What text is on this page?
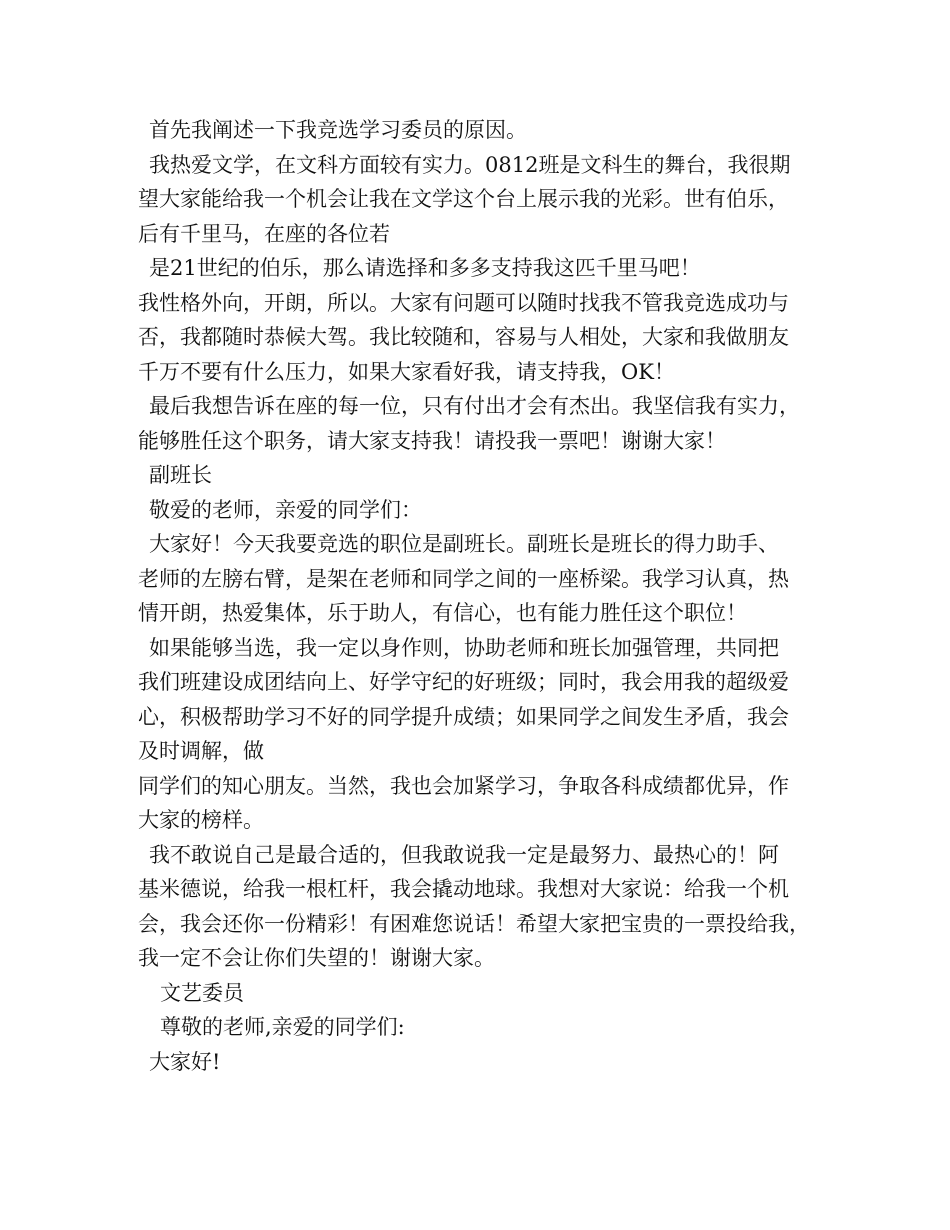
首先我阐述一下我竞选学习委员的原因。
我热爱文学，在文科方面较有实力。0812班是文科生的舞台，我很期
望大家能给我一个机会让我在文学这个台上展示我的光彩。世有伯乐，
后有千里马，在座的各位若
是21世纪的伯乐，那么请选择和多多支持我这匹千里马吧！
我性格外向，开朗，所以。大家有问题可以随时找我不管我竞选成功与
否，我都随时恭候大驾。我比较随和，容易与人相处，大家和我做朋友
千万不要有什么压力，如果大家看好我，请支持我，OK！
最后我想告诉在座的每一位，只有付出才会有杰出。我坚信我有实力，
能够胜任这个职务，请大家支持我！请投我一票吧！谢谢大家！
副班长
敬爱的老师，亲爱的同学们：
大家好！今天我要竞选的职位是副班长。副班长是班长的得力助手、
老师的左膀右臂，是架在老师和同学之间的一座桥梁。我学习认真，热
情开朗，热爱集体，乐于助人，有信心，也有能力胜任这个职位！
如果能够当选，我一定以身作则，协助老师和班长加强管理，共同把
我们班建设成团结向上、好学守纪的好班级；同时，我会用我的超级爱
心，积极帮助学习不好的同学提升成绩；如果同学之间发生矛盾，我会
及时调解，做
同学们的知心朋友。当然，我也会加紧学习，争取各科成绩都优异，作
大家的榜样。
我不敢说自己是最合适的，但我敢说我一定是最努力、最热心的！阿
基米德说，给我一根杠杆，我会撬动地球。我想对大家说：给我一个机
会，我会还你一份精彩！有困难您说话！希望大家把宝贵的一票投给我，
我一定不会让你们失望的！谢谢大家。
文艺委员
尊敬的老师,亲爱的同学们:
大家好!
